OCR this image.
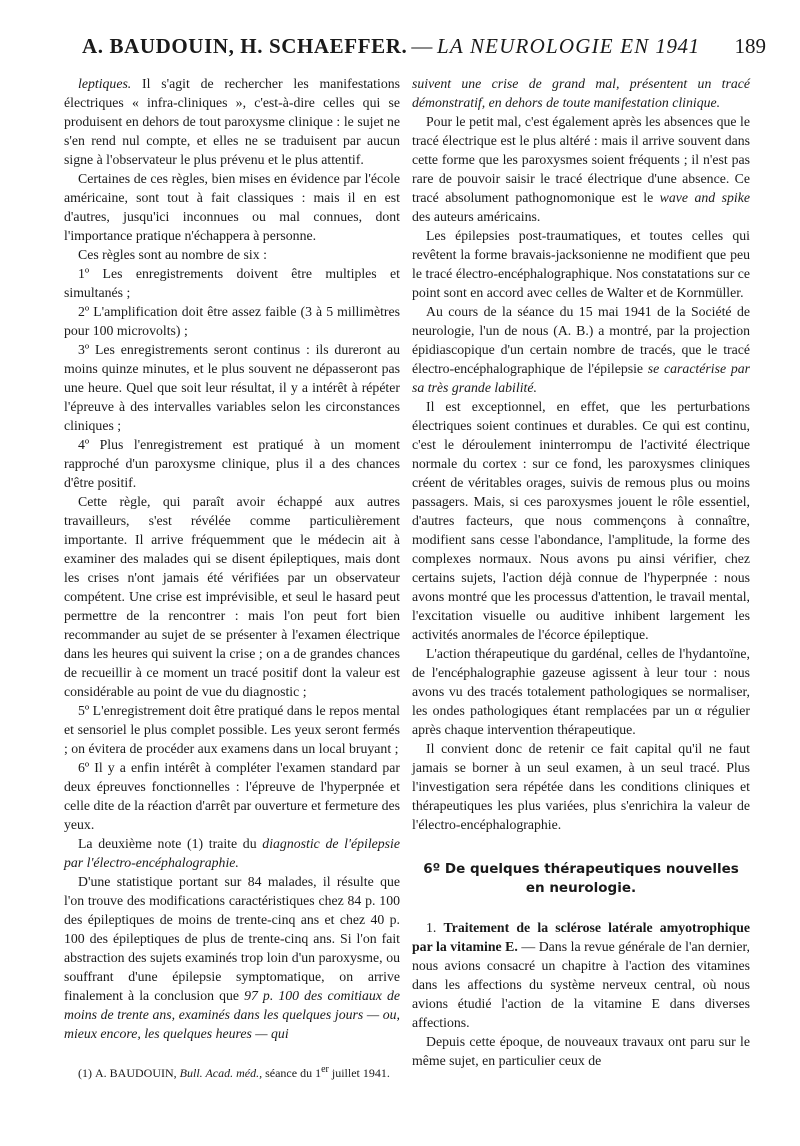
A. BAUDOUIN, H. SCHAEFFER. — LA NEUROLOGIE EN 1941 189

leptiques. Il s'agit de rechercher les manifestations électriques « infra-cliniques », c'est-à-dire celles qui se produisent en dehors de tout paroxysme clinique : le sujet ne s'en rend nul compte, et elles ne se traduisent par aucun signe à l'observateur le plus prévenu et le plus attentif.

Certaines de ces règles, bien mises en évidence par l'école américaine, sont tout à fait classiques : mais il en est d'autres, jusqu'ici inconnues ou mal connues, dont l'importance pratique n'échappera à personne.

Ces règles sont au nombre de six :

1º Les enregistrements doivent être multiples et simultanés ;

2º L'amplification doit être assez faible (3 à 5 millimètres pour 100 microvolts) ;

3º Les enregistrements seront continus : ils dureront au moins quinze minutes, et le plus souvent ne dépasseront pas une heure. Quel que soit leur résultat, il y a intérêt à répéter l'épreuve à des intervalles variables selon les circonstances cliniques ;

4º Plus l'enregistrement est pratiqué à un moment rapproché d'un paroxysme clinique, plus il a des chances d'être positif.

Cette règle, qui paraît avoir échappé aux autres travailleurs, s'est révélée comme particulièrement importante. Il arrive fréquemment que le médecin ait à examiner des malades qui se disent épileptiques, mais dont les crises n'ont jamais été vérifiées par un observateur compétent. Une crise est imprévisible, et seul le hasard peut permettre de la rencontrer : mais l'on peut fort bien recommander au sujet de se présenter à l'examen électrique dans les heures qui suivent la crise ; on a de grandes chances de recueillir à ce moment un tracé positif dont la valeur est considérable au point de vue du diagnostic ;

5º L'enregistrement doit être pratiqué dans le repos mental et sensoriel le plus complet possible. Les yeux seront fermés ; on évitera de procéder aux examens dans un local bruyant ;

6º Il y a enfin intérêt à compléter l'examen standard par deux épreuves fonctionnelles : l'épreuve de l'hyperpnée et celle dite de la réaction d'arrêt par ouverture et fermeture des yeux.

La deuxième note (1) traite du diagnostic de l'épilepsie par l'électro-encéphalographie.

D'une statistique portant sur 84 malades, il résulte que l'on trouve des modifications caractéristiques chez 84 p. 100 des épileptiques de moins de trente-cinq ans et chez 40 p. 100 des épileptiques de plus de trente-cinq ans. Si l'on fait abstraction des sujets examinés trop loin d'un paroxysme, ou souffrant d'une épilepsie symptomatique, on arrive finalement à la conclusion que 97 p. 100 des comitiaux de moins de trente ans, examinés dans les quelques jours — ou, mieux encore, les quelques heures — qui

(1) A. BAUDOUIN, Bull. Acad. méd., séance du 1er juillet 1941.

suivent une crise de grand mal, présentent un tracé démonstratif, en dehors de toute manifestation clinique.

Pour le petit mal, c'est également après les absences que le tracé électrique est le plus altéré : mais il arrive souvent dans cette forme que les paroxysmes soient fréquents ; il n'est pas rare de pouvoir saisir le tracé électrique d'une absence. Ce tracé absolument pathognomonique est le wave and spike des auteurs américains.

Les épilepsies post-traumatiques, et toutes celles qui revêtent la forme bravais-jacksonienne ne modifient que peu le tracé électro-encéphalographique. Nos constatations sur ce point sont en accord avec celles de Walter et de Kornmüller.

Au cours de la séance du 15 mai 1941 de la Société de neurologie, l'un de nous (A. B.) a montré, par la projection épidiascopique d'un certain nombre de tracés, que le tracé électro-encéphalographique de l'épilepsie se caractérise par sa très grande labilité.

Il est exceptionnel, en effet, que les perturbations électriques soient continues et durables. Ce qui est continu, c'est le déroulement ininterrompu de l'activité électrique normale du cortex : sur ce fond, les paroxysmes cliniques créent de véritables orages, suivis de remous plus ou moins passagers. Mais, si ces paroxysmes jouent le rôle essentiel, d'autres facteurs, que nous commençons à connaître, modifient sans cesse l'abondance, l'amplitude, la forme des complexes normaux. Nous avons pu ainsi vérifier, chez certains sujets, l'action déjà connue de l'hyperpnée : nous avons montré que les processus d'attention, le travail mental, l'excitation visuelle ou auditive inhibent largement les activités anormales de l'écorce épileptique.

L'action thérapeutique du gardénal, celles de l'hydantoïne, de l'encéphalographie gazeuse agissent à leur tour : nous avons vu des tracés totalement pathologiques se normaliser, les ondes pathologiques étant remplacées par un α régulier après chaque intervention thérapeutique.

Il convient donc de retenir ce fait capital qu'il ne faut jamais se borner à un seul examen, à un seul tracé. Plus l'investigation sera répétée dans les conditions cliniques et thérapeutiques les plus variées, plus s'enrichira la valeur de l'électro-encéphalographie.

6º De quelques thérapeutiques nouvelles en neurologie.

1. Traitement de la sclérose latérale amyotrophique par la vitamine E. — Dans la revue générale de l'an dernier, nous avions consacré un chapitre à l'action des vitamines dans les affections du système nerveux central, où nous avions étudié l'action de la vitamine E dans diverses affections.

Depuis cette époque, de nouveaux travaux ont paru sur le même sujet, en particulier ceux de
